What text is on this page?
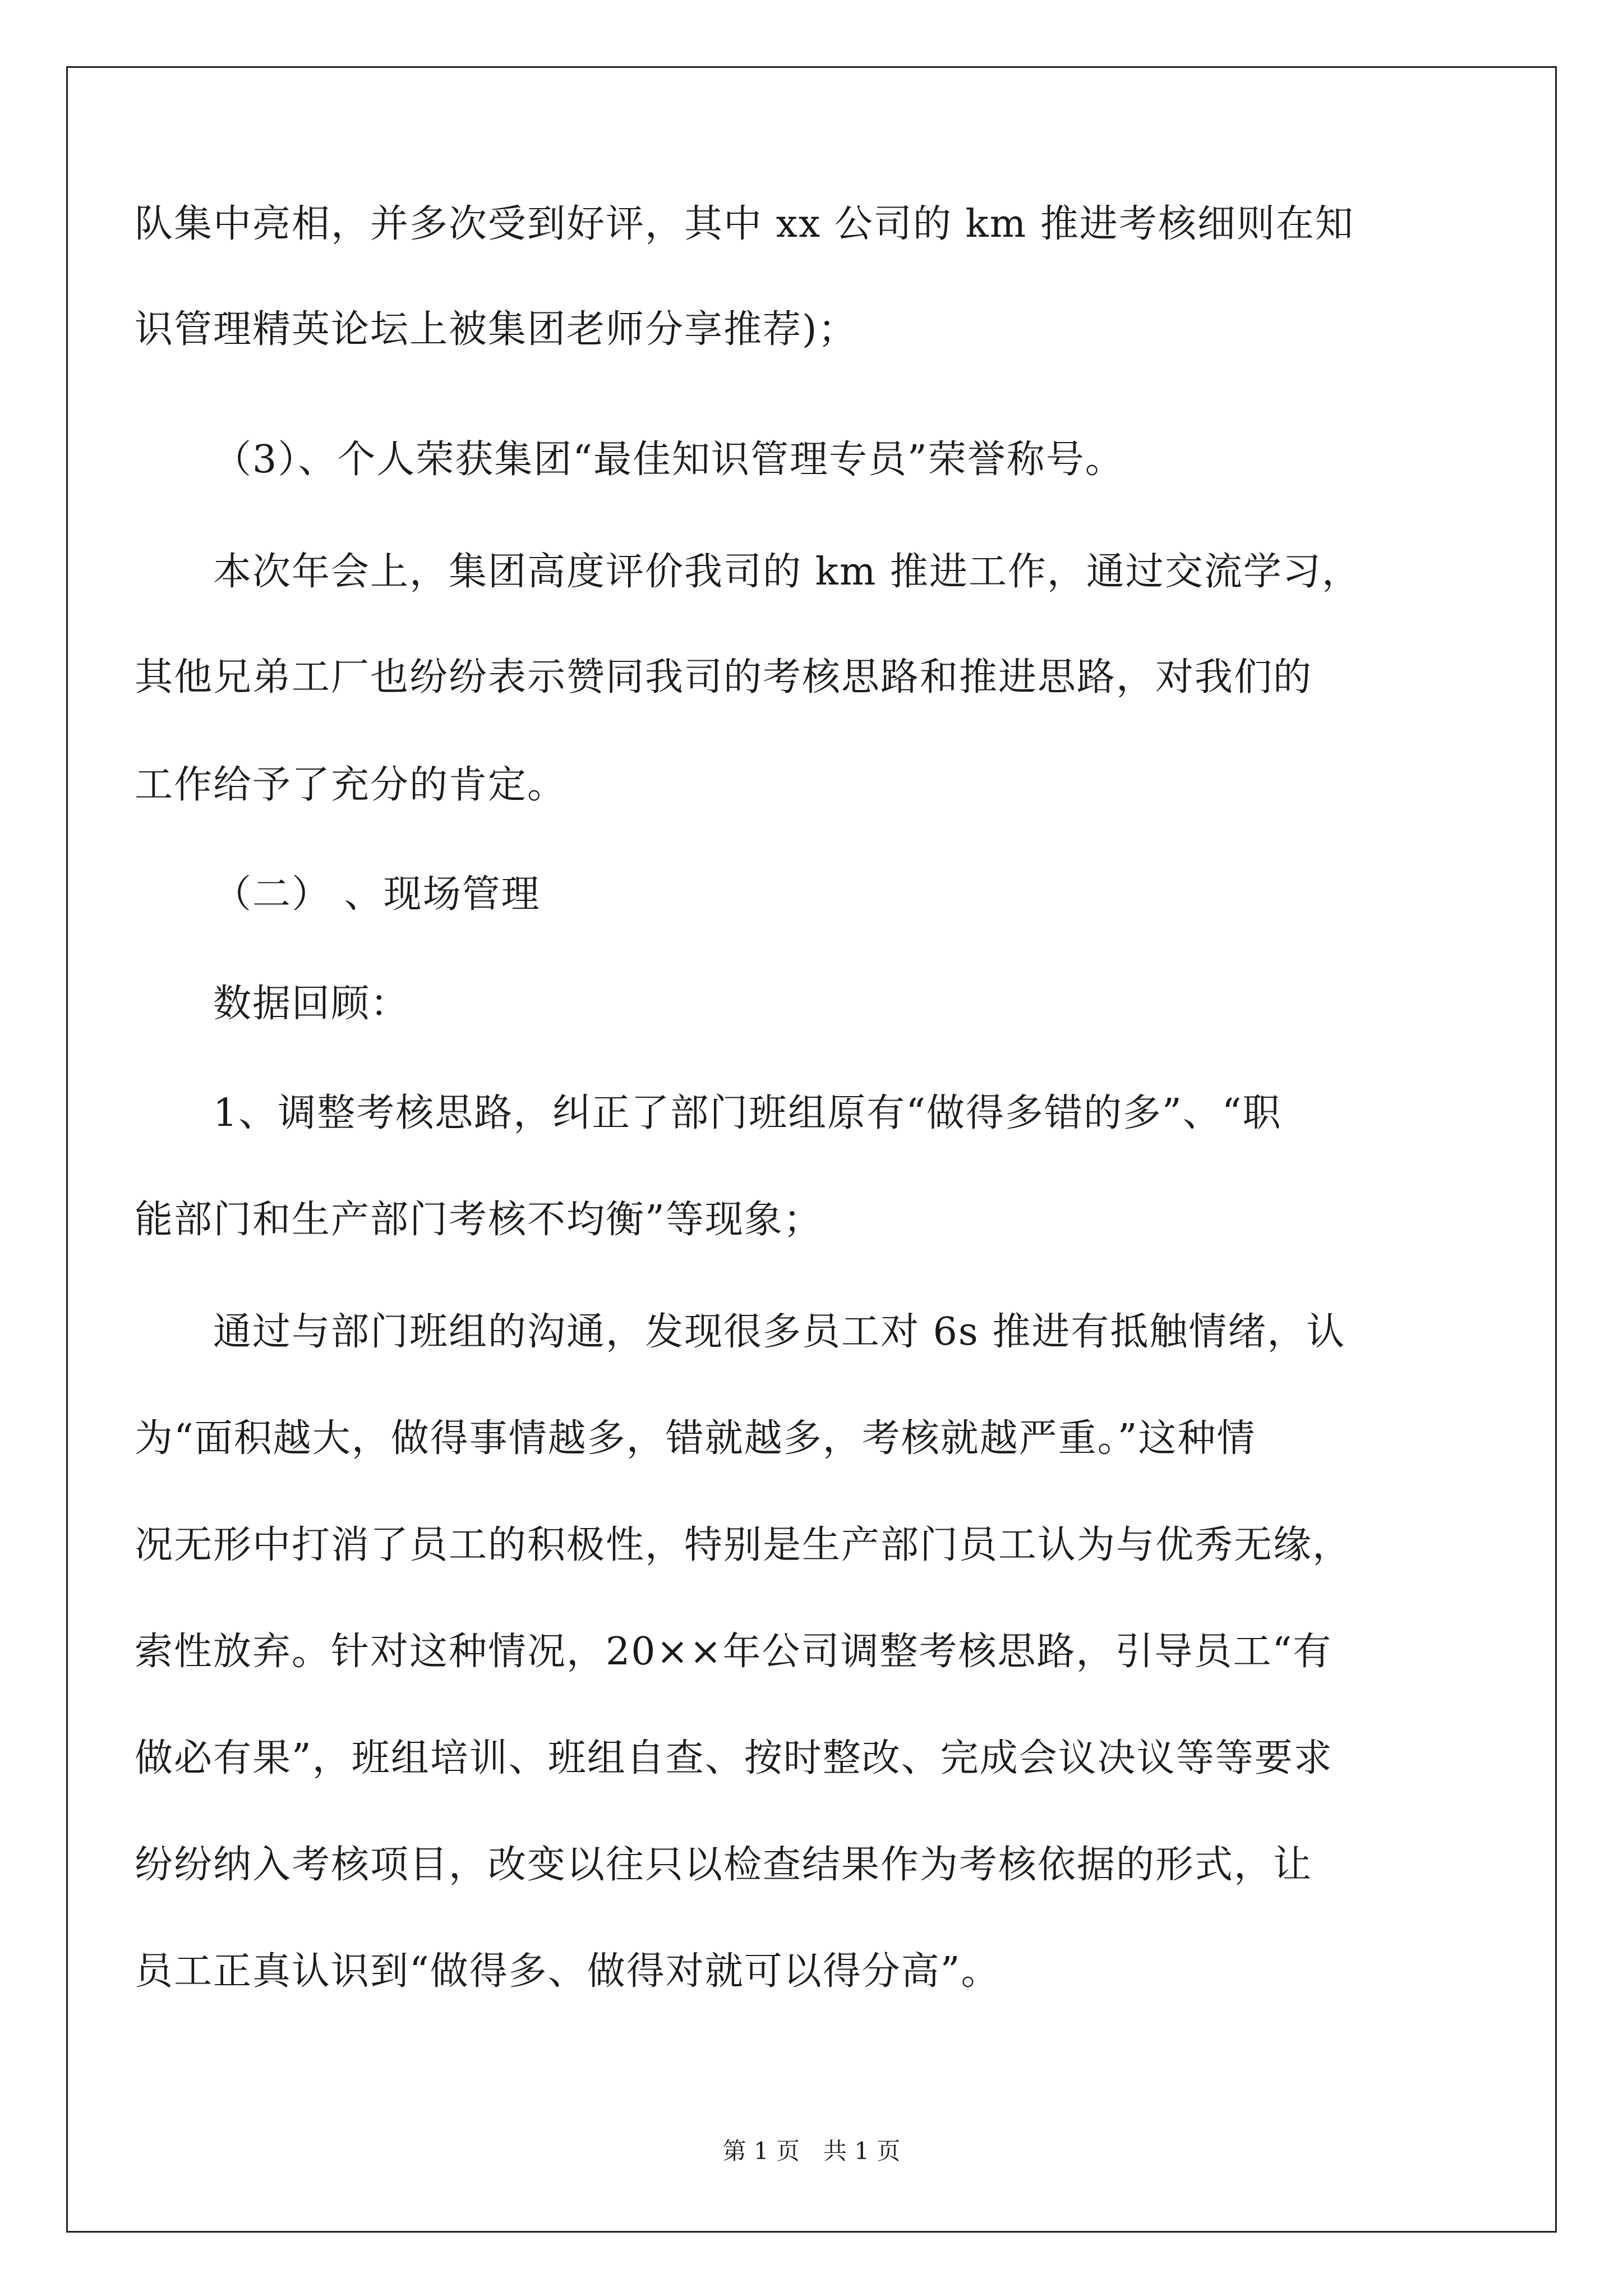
队集中亮相，并多次受到好评，其中 xx 公司的 km 推进考核细则在知
识管理精英论坛上被集团老师分享推荐)；
（3）、个人荣获集团“最佳知识管理专员”荣誉称号。
本次年会上，集团高度评价我司的 km 推进工作，通过交流学习，
其他兄弟工厂也纷纷表示赞同我司的考核思路和推进思路，对我们的
工作给予了充分的肯定。
（二） 、现场管理
数据回顾：
1、调整考核思路，纠正了部门班组原有“做得多错的多”、“职
能部门和生产部门考核不均衡”等现象；
通过与部门班组的沟通，发现很多员工对 6s 推进有抵触情绪，认
为“面积越大，做得事情越多，错就越多，考核就越严重。”这种情
况无形中打消了员工的积极性，特别是生产部门员工认为与优秀无缘，
索性放弃。针对这种情况，20××年公司调整考核思路，引导员工“有
做必有果”，班组培训、班组自查、按时整改、完成会议决议等等要求
纷纷纳入考核项目，改变以往只以检查结果作为考核依据的形式，让
员工正真认识到“做得多、做得对就可以得分高”。
第 1 页　共 1 页
